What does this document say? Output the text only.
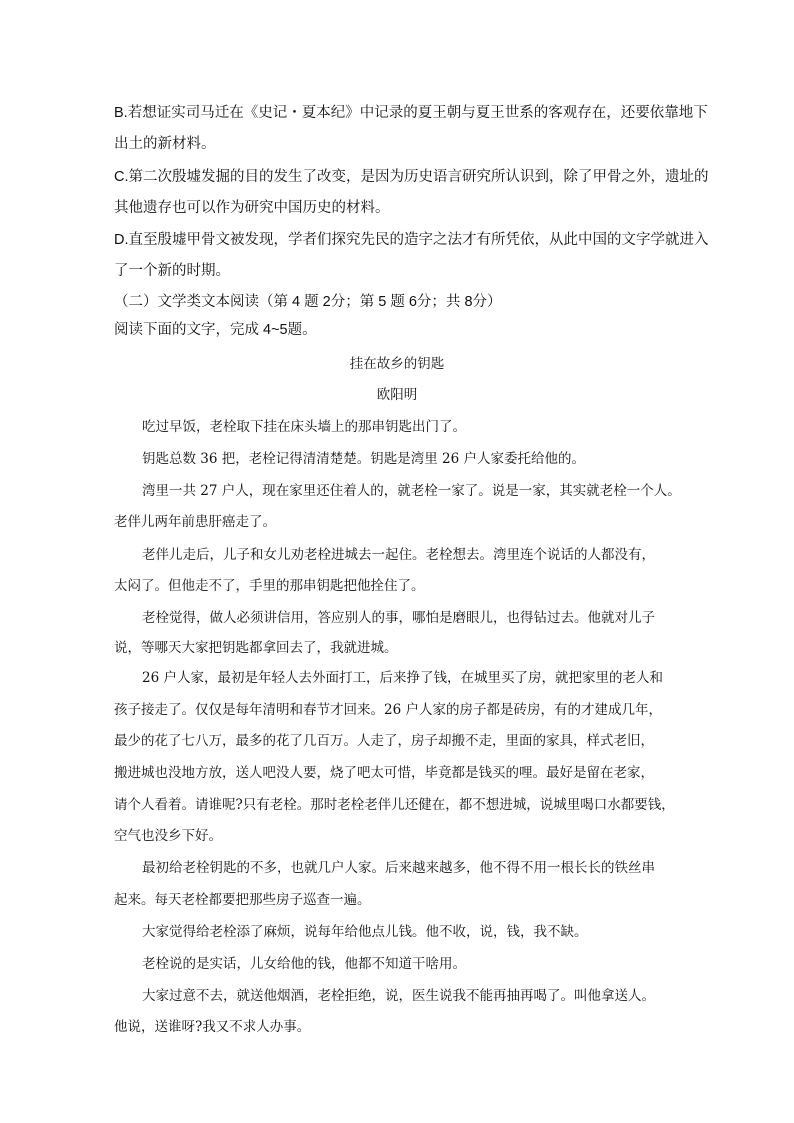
B.若想证实司马迁在《史记・夏本纪》中记录的夏王朝与夏王世系的客观存在，还要依靠地下
出土的新材料。
C.第二次殷墟发掘的目的发生了改变，是因为历史语言研究所认识到，除了甲骨之外，遗址的
其他遗存也可以作为研究中国历史的材料。
D.直至殷墟甲骨文被发现，学者们探究先民的造字之法才有所凭依，从此中国的文字学就进入
了一个新的时期。
（二）文学类文本阅读（第 4 题 2分；第 5 题 6分；共 8分）
阅读下面的文字，完成 4~5题。
挂在故乡的钥匙
欧阳明
吃过早饭，老栓取下挂在床头墙上的那串钥匙出门了。
钥匙总数 36 把，老栓记得清清楚楚。钥匙是湾里 26 户人家委托给他的。
湾里一共 27 户人，现在家里还住着人的，就老栓一家了。说是一家，其实就老栓一个人。
老伴儿两年前患肝癌走了。
老伴儿走后，儿子和女儿劝老栓进城去一起住。老栓想去。湾里连个说话的人都没有，
太闷了。但他走不了，手里的那串钥匙把他拴住了。
老栓觉得，做人必须讲信用，答应别人的事，哪怕是磨眼儿，也得钻过去。他就对儿子
说，等哪天大家把钥匙都拿回去了，我就进城。
26 户人家，最初是年轻人去外面打工，后来挣了钱，在城里买了房，就把家里的老人和
孩子接走了。仅仅是每年清明和春节才回来。26 户人家的房子都是砖房，有的才建成几年，
最少的花了七八万，最多的花了几百万。人走了，房子却搬不走，里面的家具，样式老旧，
搬进城也没地方放，送人吧没人要，烧了吧太可惜，毕竟都是钱买的哩。最好是留在老家，
请个人看着。请谁呢?只有老栓。那时老栓老伴儿还健在，都不想进城，说城里喝口水都要钱，
空气也没乡下好。
最初给老栓钥匙的不多，也就几户人家。后来越来越多，他不得不用一根长长的铁丝串
起来。每天老栓都要把那些房子巡查一遍。
大家觉得给老栓添了麻烦，说每年给他点儿钱。他不收，说，钱，我不缺。
老栓说的是实话，儿女给他的钱，他都不知道干啥用。
大家过意不去，就送他烟酒，老栓拒绝，说，医生说我不能再抽再喝了。叫他拿送人。
他说，送谁呀?我又不求人办事。
